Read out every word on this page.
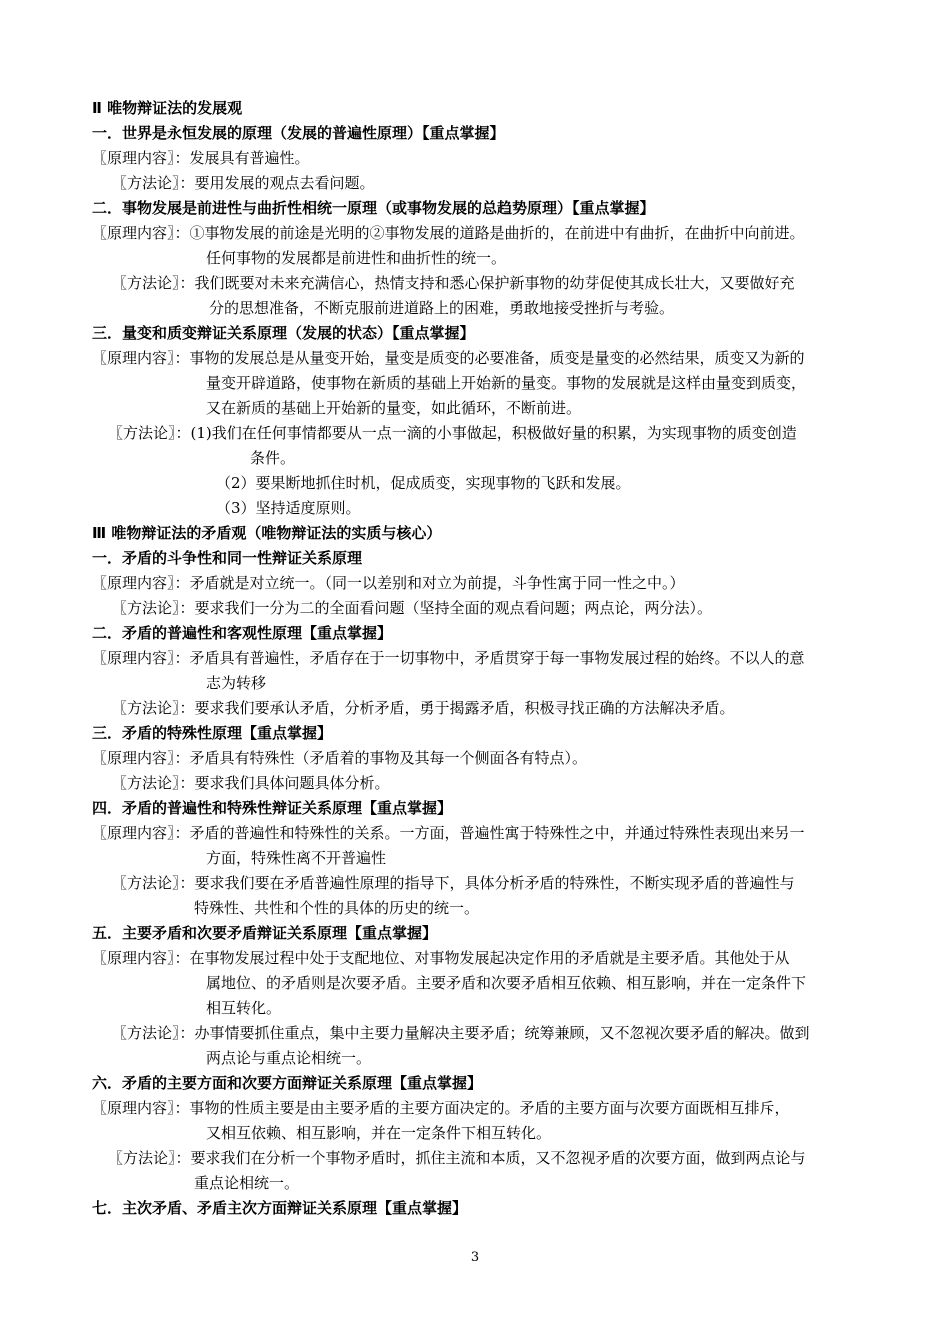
Ⅱ 唯物辩证法的发展观
一．世界是永恒发展的原理（发展的普遍性原理）【重点掌握】
〖原理内容〗：发展具有普遍性。
〖方法论〗：要用发展的观点去看问题。
二．事物发展是前进性与曲折性相统一原理（或事物发展的总趋势原理）【重点掌握】
〖原理内容〗：①事物发展的前途是光明的②事物发展的道路是曲折的，在前进中有曲折，在曲折中向前进。
任何事物的发展都是前进性和曲折性的统一。
〖方法论〗：我们既要对未来充满信心，热情支持和悉心保护新事物的幼芽促使其成长壮大，又要做好充
分的思想准备，不断克服前进道路上的困难，勇敢地接受挫折与考验。
三．量变和质变辩证关系原理（发展的状态）【重点掌握】
〖原理内容〗：事物的发展总是从量变开始，量变是质变的必要准备，质变是量变的必然结果，质变又为新的
量变开辟道路，使事物在新质的基础上开始新的量变。事物的发展就是这样由量变到质变，
又在新质的基础上开始新的量变，如此循环，不断前进。
〖方法论〗：(1)我们在任何事情都要从一点一滴的小事做起，积极做好量的积累，为实现事物的质变创造
条件。
（2）要果断地抓住时机，促成质变，实现事物的飞跃和发展。
（3）坚持适度原则。
Ⅲ 唯物辩证法的矛盾观（唯物辩证法的实质与核心）
一．矛盾的斗争性和同一性辩证关系原理
〖原理内容〗：矛盾就是对立统一。（同一以差别和对立为前提，斗争性寓于同一性之中。）
〖方法论〗：要求我们一分为二的全面看问题（坚持全面的观点看问题；两点论，两分法）。
二．矛盾的普遍性和客观性原理【重点掌握】
〖原理内容〗：矛盾具有普遍性，矛盾存在于一切事物中，矛盾贯穿于每一事物发展过程的始终。不以人的意
志为转移
〖方法论〗：要求我们要承认矛盾，分析矛盾，勇于揭露矛盾，积极寻找正确的方法解决矛盾。
三．矛盾的特殊性原理【重点掌握】
〖原理内容〗：矛盾具有特殊性（矛盾着的事物及其每一个侧面各有特点）。
〖方法论〗：要求我们具体问题具体分析。
四．矛盾的普遍性和特殊性辩证关系原理【重点掌握】
〖原理内容〗：矛盾的普遍性和特殊性的关系。一方面，普遍性寓于特殊性之中，并通过特殊性表现出来另一
方面，特殊性离不开普遍性
〖方法论〗：要求我们要在矛盾普遍性原理的指导下，具体分析矛盾的特殊性，不断实现矛盾的普遍性与
特殊性、共性和个性的具体的历史的统一。
五．主要矛盾和次要矛盾辩证关系原理【重点掌握】
〖原理内容〗：在事物发展过程中处于支配地位、对事物发展起决定作用的矛盾就是主要矛盾。其他处于从
属地位、的矛盾则是次要矛盾。主要矛盾和次要矛盾相互依赖、相互影响，并在一定条件下
相互转化。
〖方法论〗：办事情要抓住重点，集中主要力量解决主要矛盾；统筹兼顾，又不忽视次要矛盾的解决。做到
两点论与重点论相统一。
六．矛盾的主要方面和次要方面辩证关系原理【重点掌握】
〖原理内容〗：事物的性质主要是由主要矛盾的主要方面决定的。矛盾的主要方面与次要方面既相互排斥，
又相互依赖、相互影响，并在一定条件下相互转化。
〖方法论〗：要求我们在分析一个事物矛盾时，抓住主流和本质，又不忽视矛盾的次要方面，做到两点论与
重点论相统一。
七．主次矛盾、矛盾主次方面辩证关系原理【重点掌握】
3
